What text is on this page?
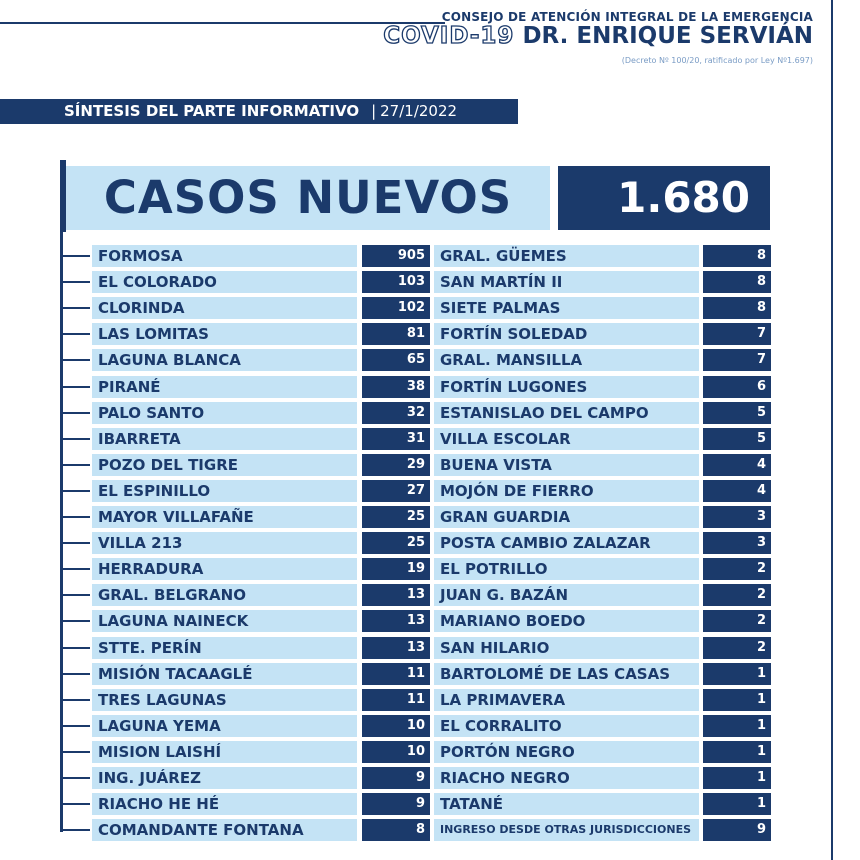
CONSEJO DE ATENCIÓN INTEGRAL DE LA EMERGENCIA
COVID-19 DR. ENRIQUE SERVIÁN
(Decreto Nº 100/20, ratificado por Ley Nº1.697)
SÍNTESIS DEL PARTE INFORMATIVO | 27/1/2022
CASOS NUEVOS	1.680
FORMOSA	905
EL COLORADO	103
CLORINDA	102
LAS LOMITAS	81
LAGUNA BLANCA	65
PIRANÉ	38
PALO SANTO	32
IBARRETA	31
POZO DEL TIGRE	29
EL ESPINILLO	27
MAYOR VILLAFAÑE	25
VILLA 213	25
HERRADURA	19
GRAL. BELGRANO	13
LAGUNA NAINECK	13
STTE. PERÍN	13
MISIÓN TACAAGLÉ	11
TRES LAGUNAS	11
LAGUNA YEMA	10
MISION LAISHÍ	10
ING. JUÁREZ	9
RIACHO HE HÉ	9
COMANDANTE FONTANA	8
GRAL. GÜEMES	8
SAN MARTÍN II	8
SIETE PALMAS	8
FORTÍN SOLEDAD	7
GRAL. MANSILLA	7
FORTÍN LUGONES	6
ESTANISLAO DEL CAMPO	5
VILLA ESCOLAR	5
BUENA VISTA	4
MOJÓN DE FIERRO	4
GRAN GUARDIA	3
POSTA CAMBIO ZALAZAR	3
EL POTRILLO	2
JUAN G. BAZÁN	2
MARIANO BOEDO	2
SAN HILARIO	2
BARTOLOMÉ DE LAS CASAS	1
LA PRIMAVERA	1
EL CORRALITO	1
PORTÓN NEGRO	1
RIACHO NEGRO	1
TATANÉ	1
INGRESO DESDE OTRAS JURISDICCIONES	9
